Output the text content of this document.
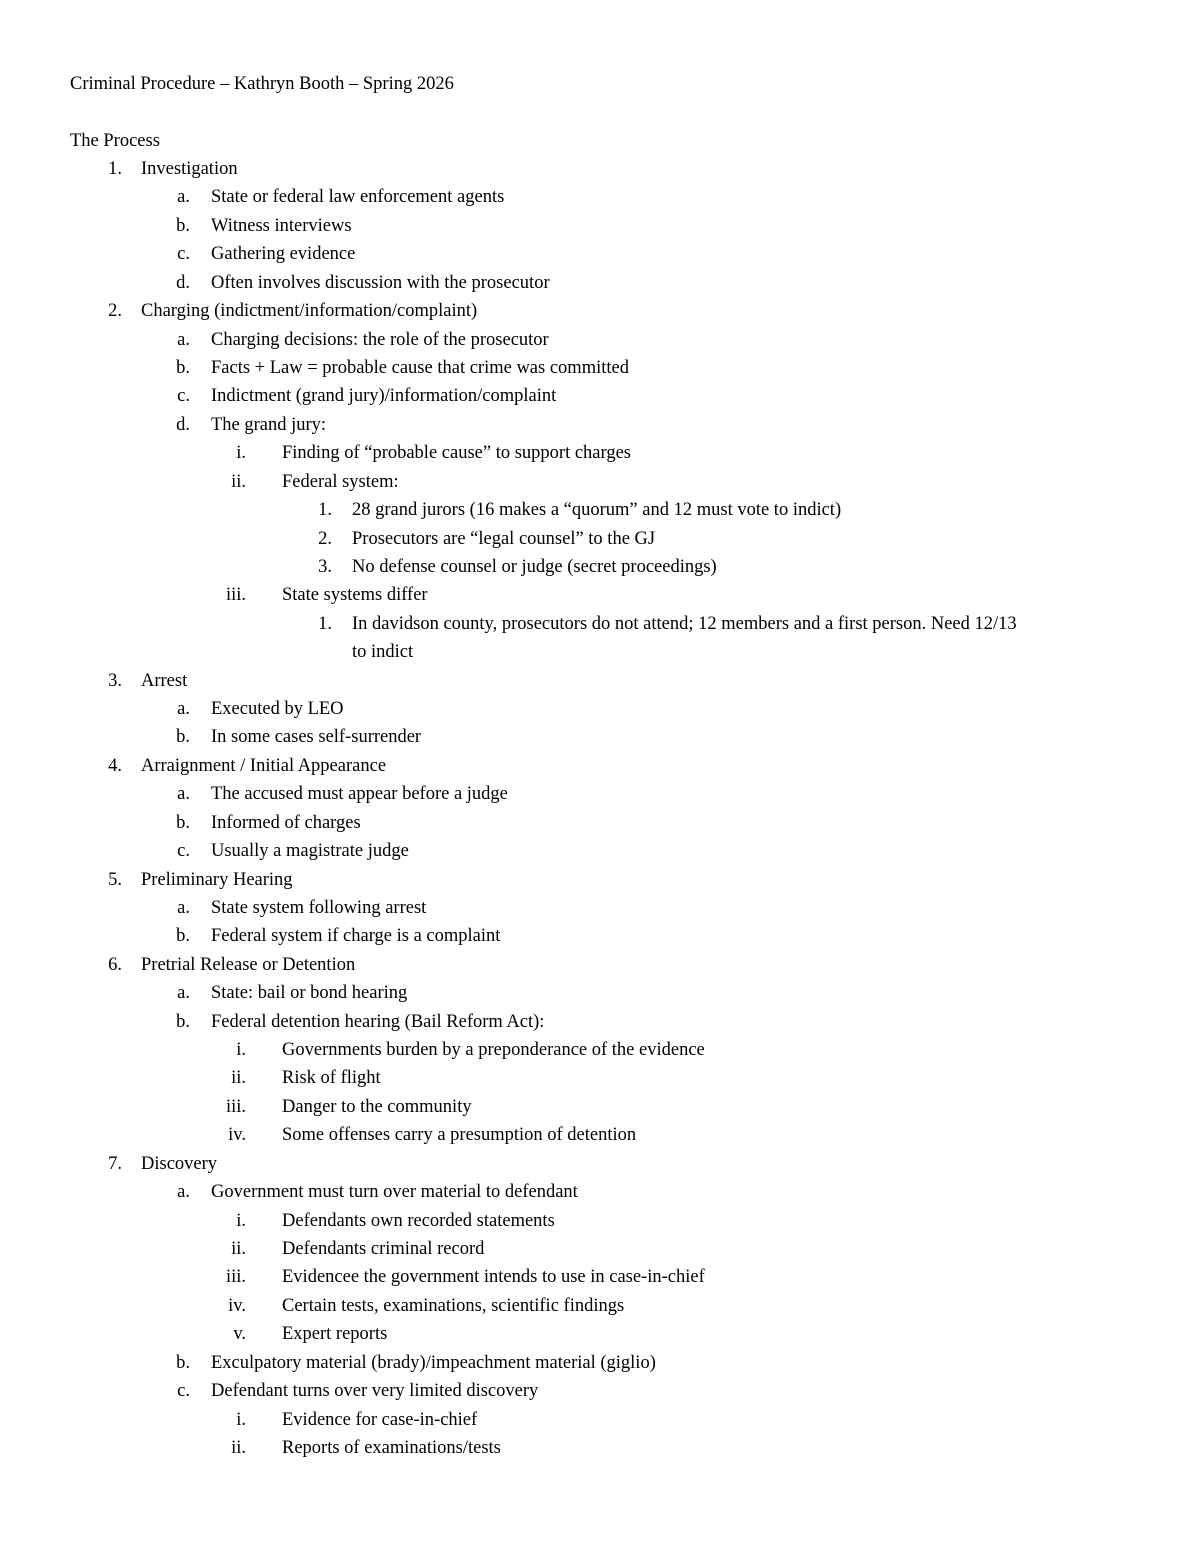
Criminal Procedure – Kathryn Booth – Spring 2026
The Process
1. Investigation
a. State or federal law enforcement agents
b. Witness interviews
c. Gathering evidence
d. Often involves discussion with the prosecutor
2. Charging (indictment/information/complaint)
a. Charging decisions: the role of the prosecutor
b. Facts + Law = probable cause that crime was committed
c. Indictment (grand jury)/information/complaint
d. The grand jury:
i. Finding of “probable cause” to support charges
ii. Federal system:
1. 28 grand jurors (16 makes a “quorum” and 12 must vote to indict)
2. Prosecutors are “legal counsel” to the GJ
3. No defense counsel or judge (secret proceedings)
iii. State systems differ
1. In davidson county, prosecutors do not attend; 12 members and a first person. Need 12/13
to indict
3. Arrest
a. Executed by LEO
b. In some cases self-surrender
4. Arraignment / Initial Appearance
a. The accused must appear before a judge
b. Informed of charges
c. Usually a magistrate judge
5. Preliminary Hearing
a. State system following arrest
b. Federal system if charge is a complaint
6. Pretrial Release or Detention
a. State: bail or bond hearing
b. Federal detention hearing (Bail Reform Act):
i. Governments burden by a preponderance of the evidence
ii. Risk of flight
iii. Danger to the community
iv. Some offenses carry a presumption of detention
7. Discovery
a. Government must turn over material to defendant
i. Defendants own recorded statements
ii. Defendants criminal record
iii. Evidencee the government intends to use in case-in-chief
iv. Certain tests, examinations, scientific findings
v. Expert reports
b. Exculpatory material (brady)/impeachment material (giglio)
c. Defendant turns over very limited discovery
i. Evidence for case-in-chief
ii. Reports of examinations/tests
